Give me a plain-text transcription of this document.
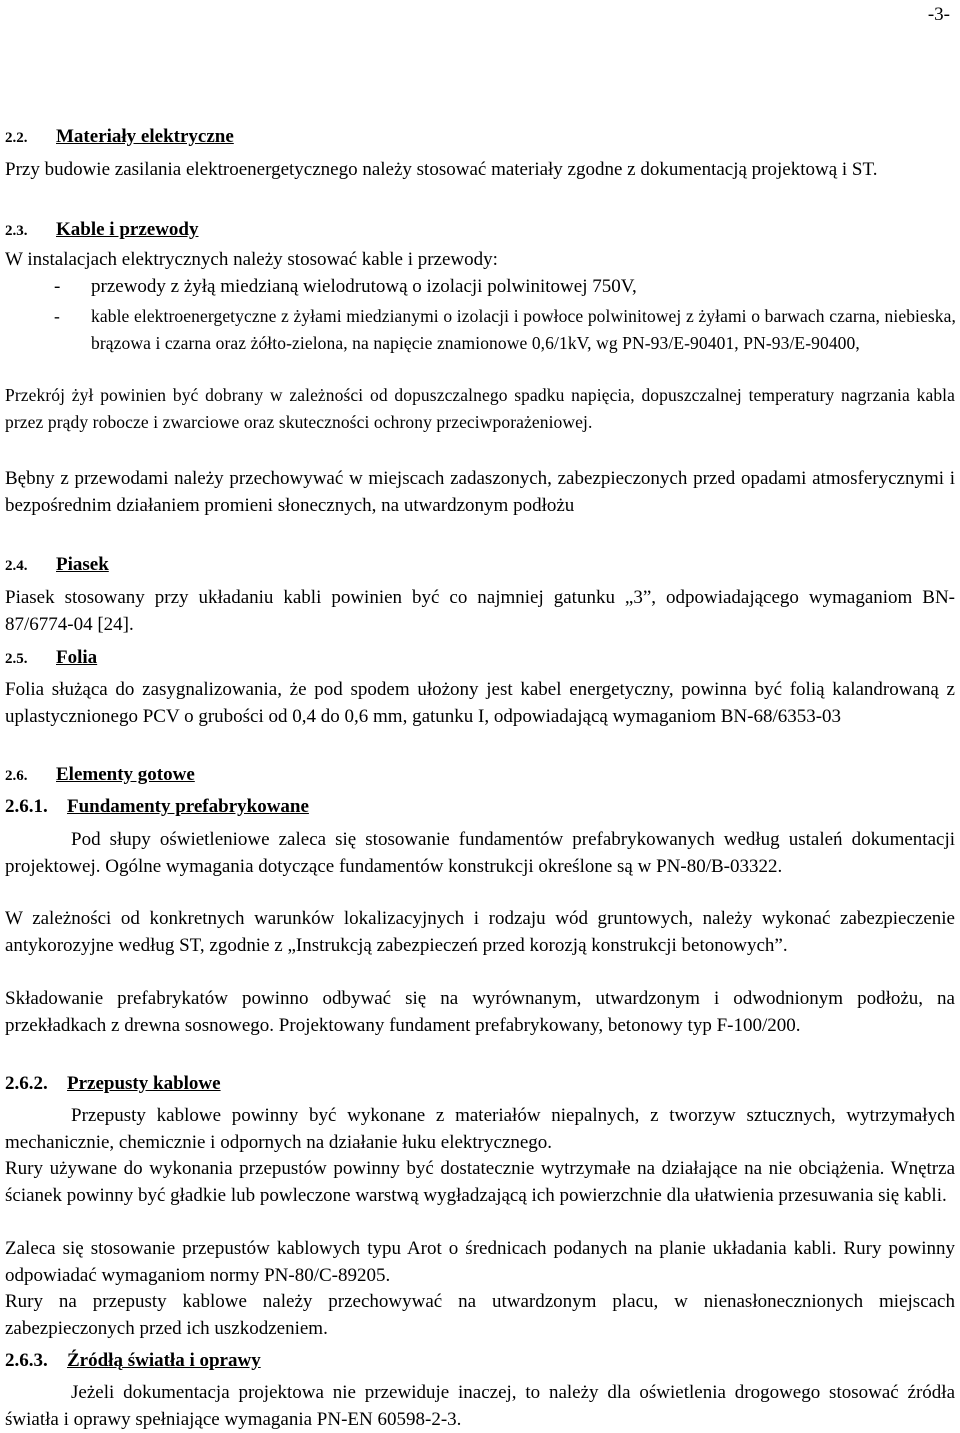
-3-
2.2. Materiały elektryczne

Przy budowie zasilania elektroenergetycznego należy stosować materiały zgodne z dokumentacją projektową i ST.

2.3. Kable i przewody

W instalacjach elektrycznych należy stosować kable i przewody:

- przewody z żyłą miedzianą wielodrutową o izolacji polwinitowej 750V,
- kable elektroenergetyczne z żyłami miedzianymi o izolacji i powłoce polwinitowej z żyłami o barwach czarna, niebieska, brązowa i czarna oraz żółto-zielona, na napięcie znamionowe 0,6/1kV, wg PN-93/E-90401, PN-93/E-90400,

Przekrój żył powinien być dobrany w zależności od dopuszczalnego spadku napięcia, dopuszczalnej temperatury nagrzania kabla przez prądy robocze i zwarciowe oraz skuteczności ochrony przeciwporażeniowej.

Bębny z przewodami należy przechowywać w miejscach zadaszonych, zabezpieczonych przed opadami atmosferycznymi i bezpośrednim działaniem promieni słonecznych, na utwardzonym podłożu

2.4. Piasek

Piasek stosowany przy układaniu kabli powinien być co najmniej gatunku „3”, odpowiadającego wymaganiom BN-87/6774-04 [24].

2.5. Folia

Folia służąca do zasygnalizowania, że pod spodem ułożony jest kabel energetyczny, powinna być folią kalandrowaną z uplastycznionego PCV o grubości od 0,4 do 0,6 mm, gatunku I, odpowiadającą wymaganiom BN-68/6353-03

2.6. Elementy gotowe
2.6.1. Fundamenty prefabrykowane

Pod słupy oświetleniowe zaleca się stosowanie fundamentów prefabrykowanych według ustaleń dokumentacji projektowej. Ogólne wymagania dotyczące fundamentów konstrukcji określone są w PN-80/B-03322.

W zależności od konkretnych warunków lokalizacyjnych i rodzaju wód gruntowych, należy wykonać zabezpieczenie antykorozyjne według ST, zgodnie z „Instrukcją zabezpieczeń przed korozją konstrukcji betonowych”.

Składowanie prefabrykatów powinno odbywać się na wyrównanym, utwardzonym i odwodnionym podłożu, na przekładkach z drewna sosnowego. Projektowany fundament prefabrykowany, betonowy typ F-100/200.

2.6.2. Przepusty kablowe

Przepusty kablowe powinny być wykonane z materiałów niepalnych, z tworzyw sztucznych, wytrzymałych mechanicznie, chemicznie i odpornych na działanie łuku elektrycznego.

Rury używane do wykonania przepustów powinny być dostatecznie wytrzymałe na działające na nie obciążenia. Wnętrza ścianek powinny być gładkie lub powleczone warstwą wygładzającą ich powierzchnie dla ułatwienia przesuwania się kabli.

Zaleca się stosowanie przepustów kablowych typu Arot o średnicach podanych na planie układania kabli. Rury powinny odpowiadać wymaganiom normy PN-80/C-89205.

Rury na przepusty kablowe należy przechowywać na utwardzonym placu, w nienasłonecznionych miejscach zabezpieczonych przed ich uszkodzeniem.

2.6.3. Źródłą światła i oprawy

Jeżeli dokumentacja projektowa nie przewiduje inaczej, to należy dla oświetlenia drogowego stosować źródła światła i oprawy spełniające wymagania PN-EN 60598-2-3.
